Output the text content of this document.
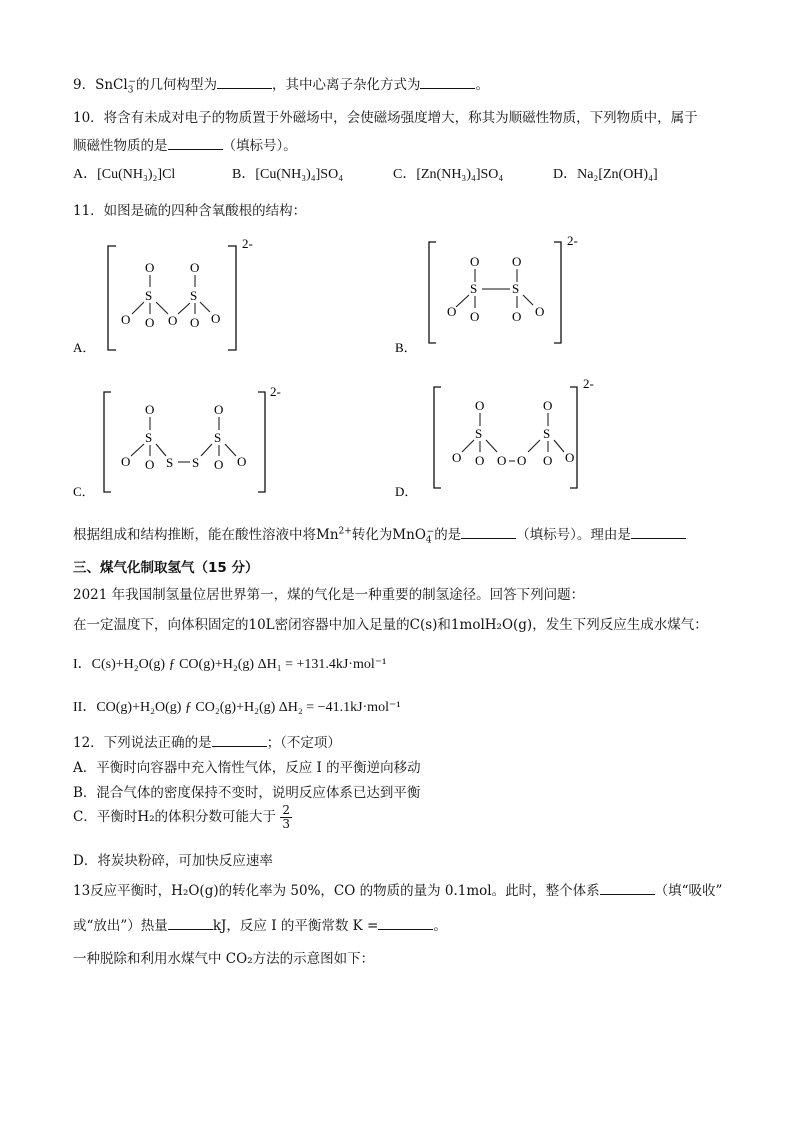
9．SnCl$_3$−的几何构型为	，其中心离子杂化方式为	。
10．将含有未成对电子的物质置于外磁场中，会使磁场强度增大，称其为顺磁性物质，下列物质中，属于
顺磁性物质的是	（填标号）。
A．[Cu(NH₃)₂]Cl	B．[Cu(NH₃)₄]SO₄	C．[Zn(NH₃)₄]SO₄	D．Na₂[Zn(OH)₄]
11．如图是硫的四种含氧酸根的结构：
2-
O
S
O
O	O
O
S
O O
A．
2-
O
S
O
S
O O	O O
B．
2-
O
S
O
O	S S
O
S
O O
C．
2-
O
S
O
O	O O
O
S
O O
D．
根据组成和结构推断，能在酸性溶液中将$Mn^{2+}$转化为MnO$_4$−的是	（填标号）。理由是
三、煤气化制取氢气（15 分）
2021 年我国制氢量位居世界第一，煤的气化是一种重要的制氢途径。回答下列问题：
在一定温度下，向体积固定的10L密闭容器中加入足量的C(s)和1molH₂O(g)，发生下列反应生成水煤气：
I．C(s)+H₂O(g) ƒ CO(g)+H₂(g) ΔH₁ = +131.4kJ·mol⁻¹
II．CO(g)+H₂O(g) ƒ CO₂(g)+H₂(g) ΔH₂ = −41.1kJ·mol⁻¹
12．下列说法正确的是	；（不定项）
A．平衡时向容器中充入惰性气体，反应 I 的平衡逆向移动
B．混合气体的密度保持不变时，说明反应体系已达到平衡
C．平衡时H₂的体积分数可能大于 $\frac{2}{3}$
D．将炭块粉碎，可加快反应速率
13反应平衡时，H₂O(g)的转化率为 50%，CO 的物质的量为 0.1mol。此时，整个体系	（填“吸收”
或“放出”）热量	kJ，反应 I 的平衡常数 K =	。
一种脱除和利用水煤气中 CO₂方法的示意图如下：
